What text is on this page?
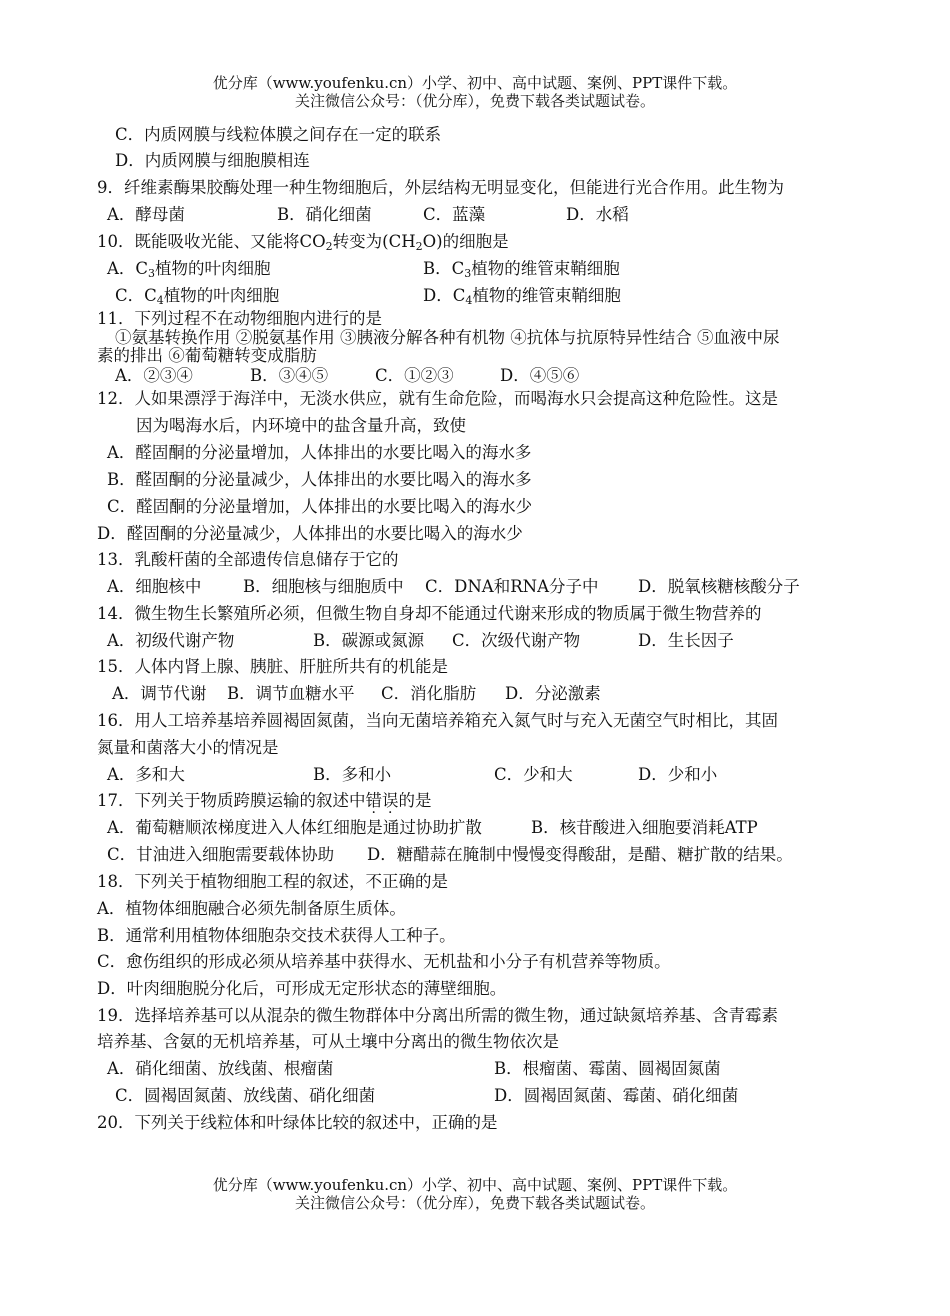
优分库（www.youfenku.cn）小学、初中、高中试题、案例、PPT课件下载。
关注微信公众号：（优分库），免费下载各类试题试卷。
C．内质网膜与线粒体膜之间存在一定的联系
D．内质网膜与细胞膜相连
9．纤维素酶果胶酶处理一种生物细胞后，外层结构无明显变化，但能进行光合作用。此生物为
A．酵母菌	B．硝化细菌	C．蓝藻	D．水稻
10．既能吸收光能、又能将$CO_2$转变为$(CH_2O)$的细胞是
A．$C_3$植物的叶肉细胞	B．$C_3$植物的维管束鞘细胞
C．$C_4$植物的叶肉细胞	D．$C_4$植物的维管束鞘细胞
11．下列过程不在动物细胞内进行的是
①氨基转换作用 ②脱氨基作用 ③胰液分解各种有机物 ④抗体与抗原特异性结合 ⑤血液中尿
素的排出 ⑥葡萄糖转变成脂肪
A．②③④	B．③④⑤	C．①②③	D．④⑤⑥
12．人如果漂浮于海洋中，无淡水供应，就有生命危险，而喝海水只会提高这种危险性。这是
因为喝海水后，内环境中的盐含量升高，致使
A．醛固酮的分泌量增加，人体排出的水要比喝入的海水多
B．醛固酮的分泌量减少，人体排出的水要比喝入的海水多
C．醛固酮的分泌量增加，人体排出的水要比喝入的海水少
D．醛固酮的分泌量减少，人体排出的水要比喝入的海水少
13．乳酸杆菌的全部遗传信息储存于它的
A．细胞核中	B．细胞核与细胞质中 C．DNA和RNA分子中 D．脱氧核糖核酸分子
14．微生物生长繁殖所必须，但微生物自身却不能通过代谢来形成的物质属于微生物营养的
A．初级代谢产物	B．碳源或氮源 C．次级代谢产物	D．生长因子
15．人体内肾上腺、胰脏、肝脏所共有的机能是
A．调节代谢 B．调节血糖水平 C．消化脂肪 D．分泌激素
16．用人工培养基培养圆褐固氮菌，当向无菌培养箱充入氮气时与充入无菌空气时相比，其固
氮量和菌落大小的情况是
A．多和大	B．多和小	C．少和大	D．少和小
17．下列关于物质跨膜运输的叙述中错误的是
A．葡萄糖顺浓梯度进入人体红细胞是通过协助扩散	B．核苷酸进入细胞要消耗ATP
C．甘油进入细胞需要载体协助 D．糖醋蒜在腌制中慢慢变得酸甜，是醋、糖扩散的结果。
18．下列关于植物细胞工程的叙述，不正确的是
A．植物体细胞融合必须先制备原生质体。
B．通常利用植物体细胞杂交技术获得人工种子。
C．愈伤组织的形成必须从培养基中获得水、无机盐和小分子有机营养等物质。
D．叶肉细胞脱分化后，可形成无定形状态的薄壁细胞。
19．选择培养基可以从混杂的微生物群体中分离出所需的微生物，通过缺氮培养基、含青霉素
培养基、含氨的无机培养基，可从土壤中分离出的微生物依次是
A．硝化细菌、放线菌、根瘤菌	B．根瘤菌、霉菌、圆褐固氮菌
C．圆褐固氮菌、放线菌、硝化细菌	D．圆褐固氮菌、霉菌、硝化细菌
20．下列关于线粒体和叶绿体比较的叙述中，正确的是
优分库（www.youfenku.cn）小学、初中、高中试题、案例、PPT课件下载。
关注微信公众号：（优分库），免费下载各类试题试卷。
